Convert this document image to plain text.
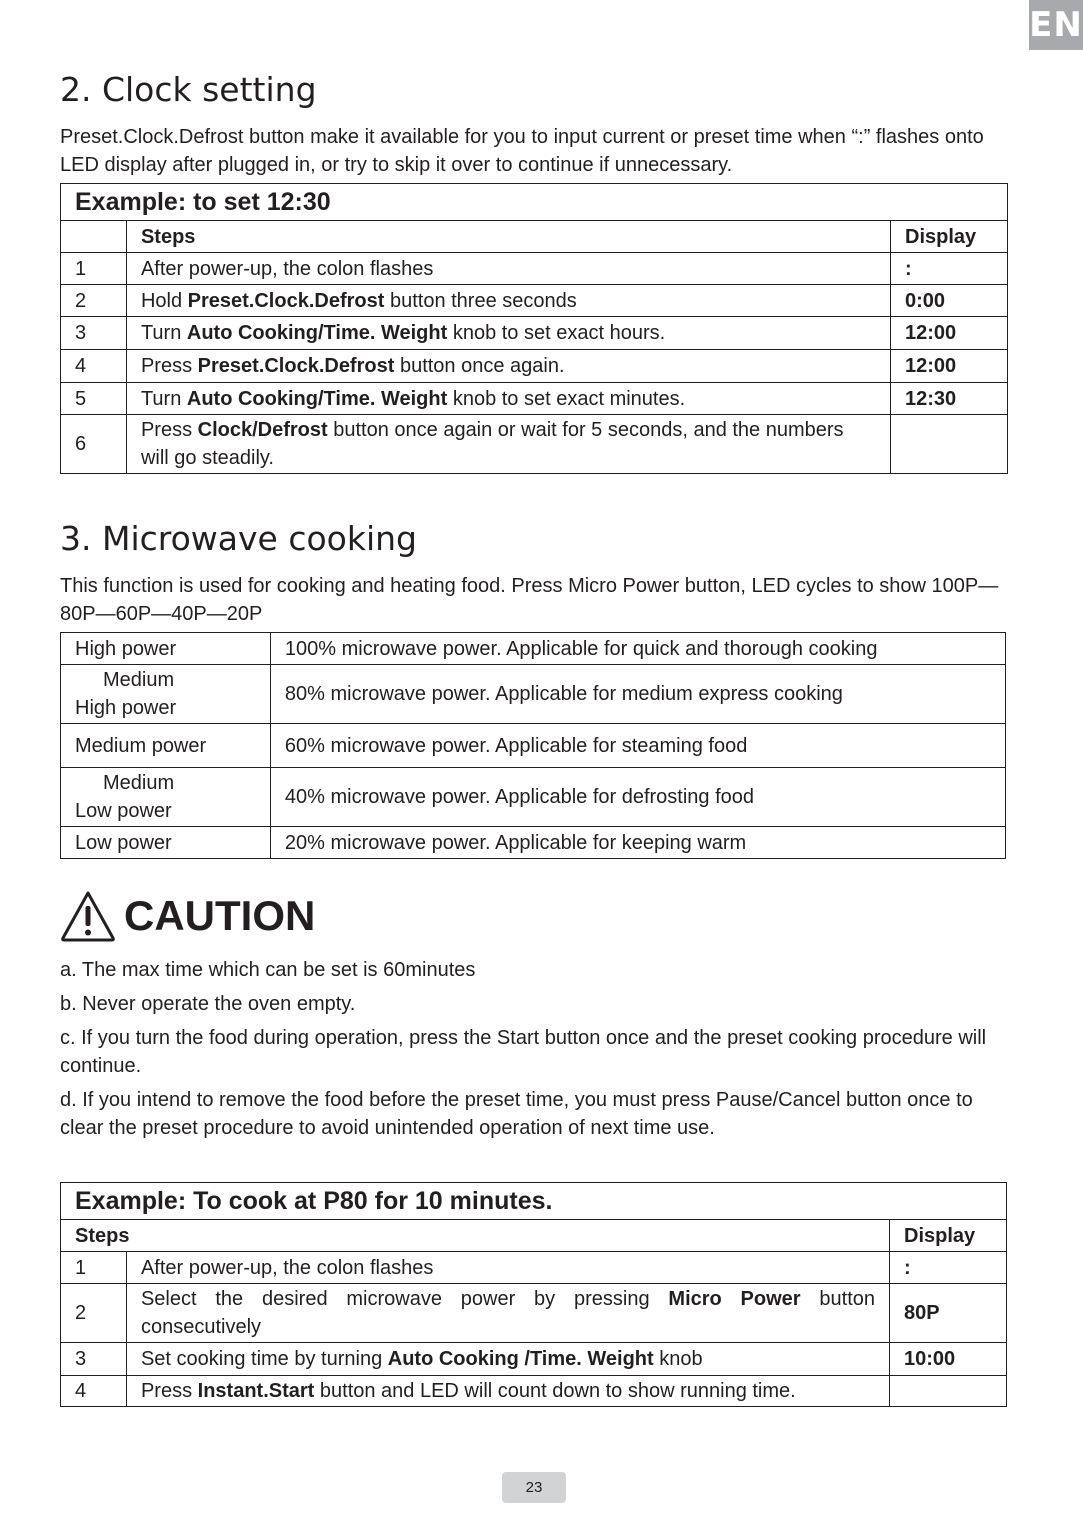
EN
2. Clock setting

Preset.Clock.Defrost button make it available for you to input current or preset time when “:” flashes onto LED display after plugged in, or try to skip it over to continue if unnecessary.

Example: to set 12:30		
	Steps	Display
1	After power-up, the colon flashes	:
2	Hold Preset.Clock.Defrost button three seconds	0:00
3	Turn Auto Cooking/Time. Weight knob to set exact hours.	12:00
4	Press Preset.Clock.Defrost button once again.	12:00
5	Turn Auto Cooking/Time. Weight knob to set exact minutes.	12:30
6	Press Clock/Defrost button once again or wait for 5 seconds, and the numbers will go steadily.	
3. Microwave cooking

This function is used for cooking and heating food. Press Micro Power button, LED cycles to show 100P—80P—60P—40P—20P

High power	100% microwave power. Applicable for quick and thorough cooking

Medium
High power	80% microwave power. Applicable for medium express cooking

Medium power	60% microwave power. Applicable for steaming food

Medium
Low power	40% microwave power. Applicable for defrosting food

Low power	20% microwave power. Applicable for keeping warm
CAUTION

a. The max time which can be set is 60minutes

b. Never operate the oven empty.

c. If you turn the food during operation, press the Start button once and the preset cooking procedure will continue.

d. If you intend to remove the food before the preset time, you must press Pause/Cancel button once to clear the preset procedure to avoid unintended operation of next time use.

Example: To cook at P80 for 10 minutes.		
Steps		Display
1	After power-up, the colon flashes	:
2	Select the desired microwave power by pressing Micro Power button consecutively	80P
3	Set cooking time by turning Auto Cooking /Time. Weight knob	10:00
4	Press Instant.Start button and LED will count down to show running time.	
23
